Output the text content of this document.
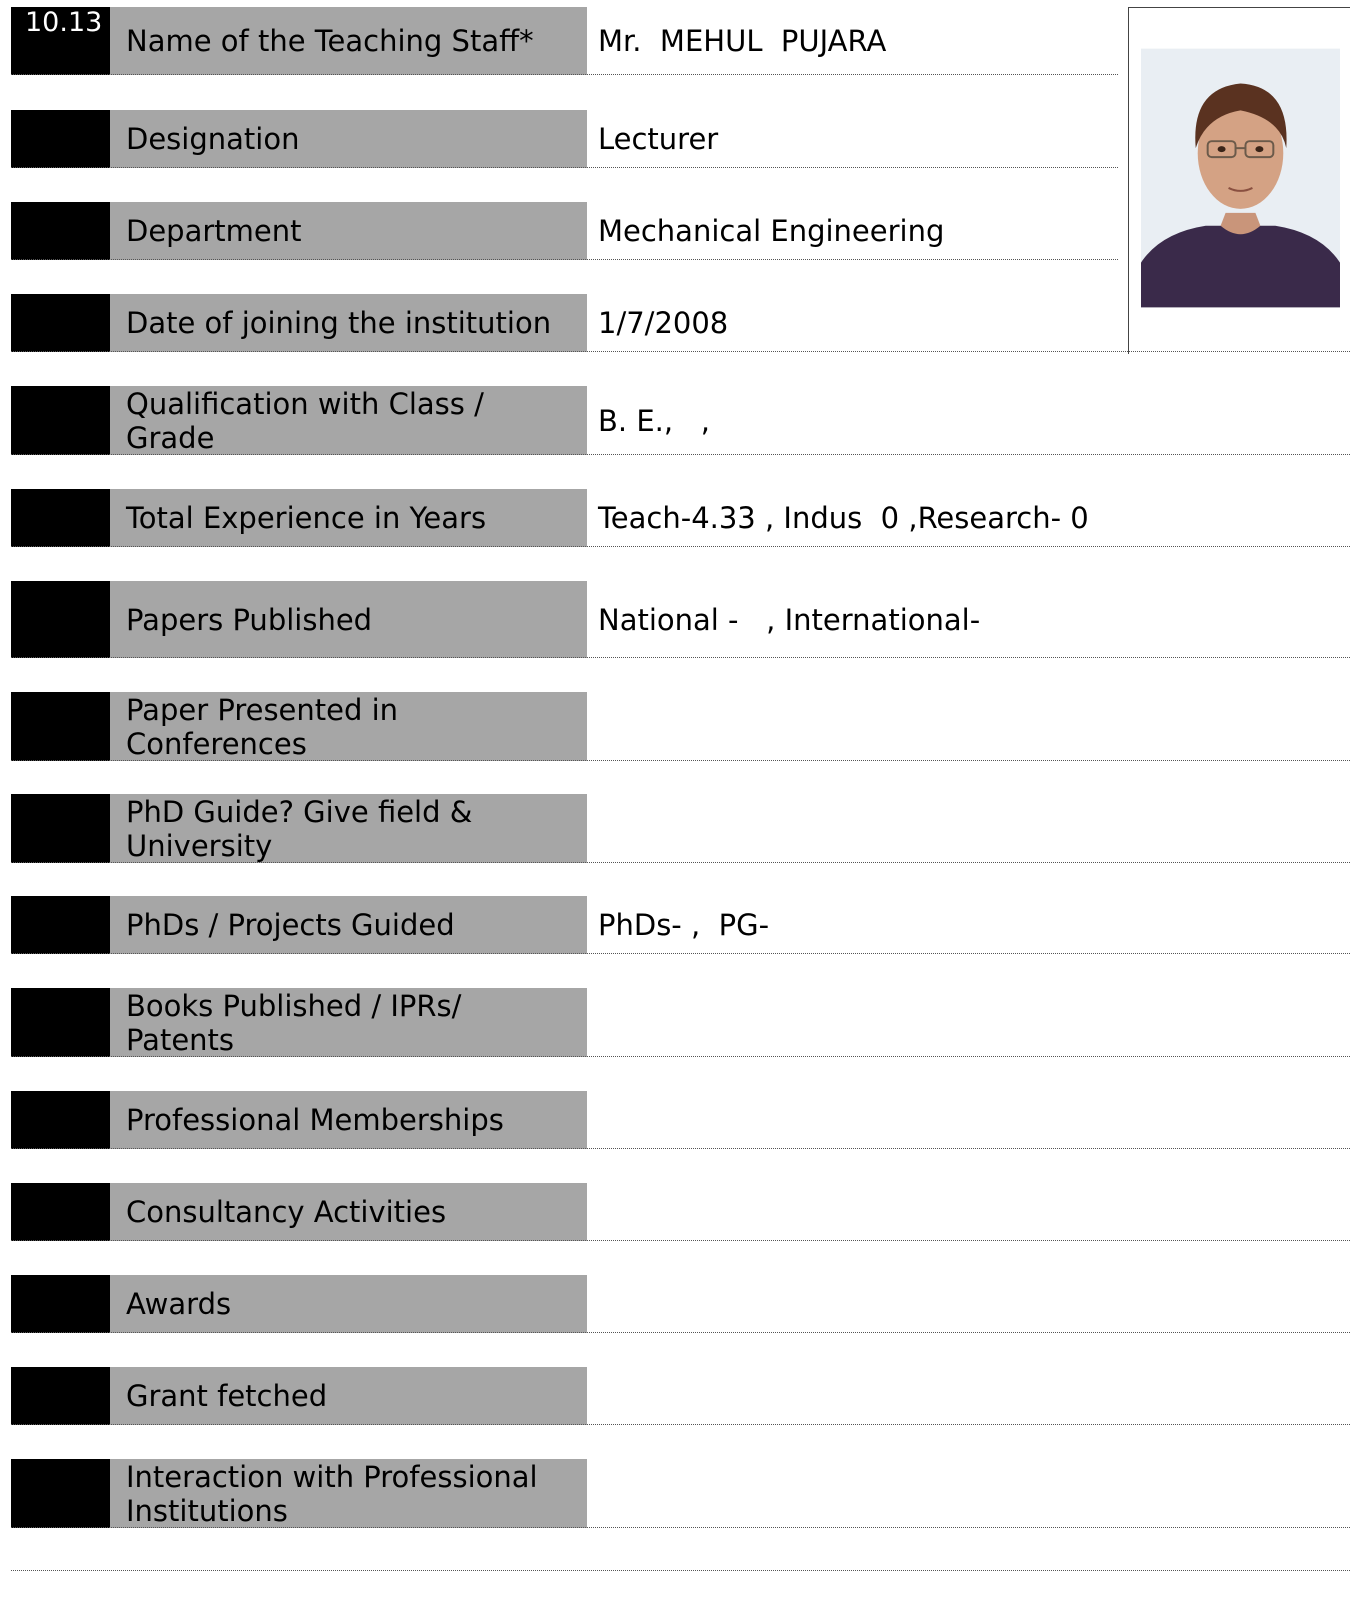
10.13
Name of the Teaching Staff*	Mr.  MEHUL  PUJARA
Designation	Lecturer
Department	Mechanical Engineering
Date of joining the institution	1/7/2008
Qualification with Class / Grade	B. E.,   ,
Total Experience in Years	Teach-4.33 , Indus  0 ,Research- 0
Papers Published	National -   , International-
Paper Presented in Conferences
PhD Guide? Give field & University
PhDs / Projects Guided	PhDs- ,  PG-
Books Published / IPRs/ Patents
Professional Memberships
Consultancy Activities
Awards
Grant fetched
Interaction with Professional Institutions
